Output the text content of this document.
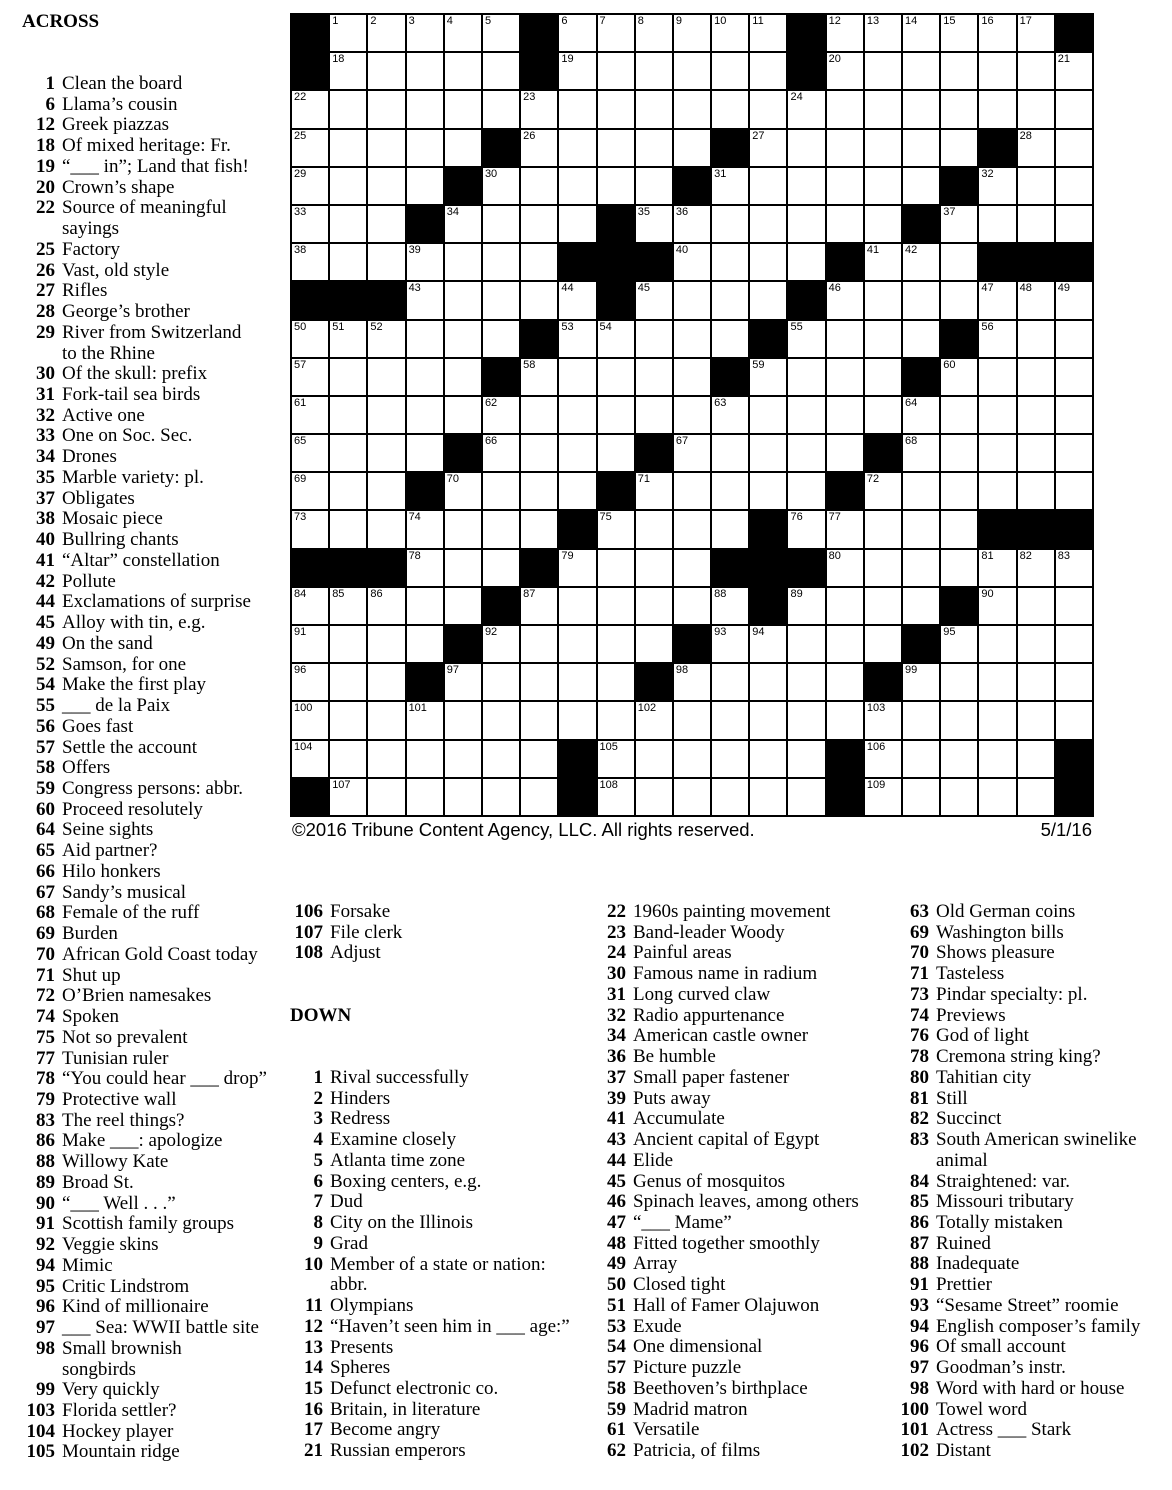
ACROSS
DOWN
1	2	3	4	5	6	7	8	9	10 11	12 13 14 15 16 17
18	19	20	21
22	23	24
25	26	27	28
29	30	31	32
33	34	35 36	37
38	39	40	41 42
43	44	45	46	47 48 49
50 51 52	53 54	55	56
57	58	59	60
61	62	63	64
65	66	67	68
69	70	71	72
73	74	75	76 77
78	79	80	81 82 83
84 85 86	87	88	89	90
91	92	93 94	95
96	97	98	99
100	101	102	103
104	105	106
107	108	109
©2016 Tribune Content Agency, LLC. All rights reserved.	5/1/16
1 Clean the board
6 Llama’s cousin
12 Greek piazzas
18 Of mixed heritage: Fr.
19 “___ in”; Land that fish!
20 Crown’s shape
22 Source of meaningful
sayings
25 Factory
26 Vast, old style
27 Rifles
28 George’s brother
29 River from Switzerland
to the Rhine
30 Of the skull: prefix
31 Fork-tail sea birds
32 Active one
33 One on Soc. Sec.
34 Drones
35 Marble variety: pl.
37 Obligates
38 Mosaic piece
40 Bullring chants
41 “Altar” constellation
42 Pollute
44 Exclamations of surprise
45 Alloy with tin, e.g.
49 On the sand
52 Samson, for one
54 Make the first play
55 ___ de la Paix
56 Goes fast
57 Settle the account
58 Offers
59 Congress persons: abbr.
60 Proceed resolutely
64 Seine sights
65 Aid partner?
66 Hilo honkers
67 Sandy’s musical
68 Female of the ruff
69 Burden
70 African Gold Coast today
71 Shut up
72 O’Brien namesakes
74 Spoken
75 Not so prevalent
77 Tunisian ruler
78 “You could hear ___ drop”
79 Protective wall
83 The reel things?
86 Make ___: apologize
88 Willowy Kate
89 Broad St.
90 “___ Well . . .”
91 Scottish family groups
92 Veggie skins
94 Mimic
95 Critic Lindstrom
96 Kind of millionaire
97 ___ Sea: WWII battle site
98 Small brownish
songbirds
99 Very quickly
103 Florida settler?
104 Hockey player
105 Mountain ridge
106 Forsake
107 File clerk
108 Adjust
1 Rival successfully
2 Hinders
3 Redress
4 Examine closely
5 Atlanta time zone
6 Boxing centers, e.g.
7 Dud
8 City on the Illinois
9 Grad
10 Member of a state or nation:
abbr.
11 Olympians
12 “Haven’t seen him in ___ age:”
13 Presents
14 Spheres
15 Defunct electronic co.
16 Britain, in literature
17 Become angry
21 Russian emperors
22 1960s painting movement
23 Band-leader Woody
24 Painful areas
30 Famous name in radium
31 Long curved claw
32 Radio appurtenance
34 American castle owner
36 Be humble
37 Small paper fastener
39 Puts away
41 Accumulate
43 Ancient capital of Egypt
44 Elide
45 Genus of mosquitos
46 Spinach leaves, among others
47 “___ Mame”
48 Fitted together smoothly
49 Array
50 Closed tight
51 Hall of Famer Olajuwon
53 Exude
54 One dimensional
57 Picture puzzle
58 Beethoven’s birthplace
59 Madrid matron
61 Versatile
62 Patricia, of films
63 Old German coins
69 Washington bills
70 Shows pleasure
71 Tasteless
73 Pindar specialty: pl.
74 Previews
76 God of light
78 Cremona string king?
80 Tahitian city
81 Still
82 Succinct
83 South American swinelike
animal
84 Straightened: var.
85 Missouri tributary
86 Totally mistaken
87 Ruined
88 Inadequate
91 Prettier
93 “Sesame Street” roomie
94 English composer’s family
96 Of small account
97 Goodman’s instr.
98 Word with hard or house
100 Towel word
101 Actress ___ Stark
102 Distant
